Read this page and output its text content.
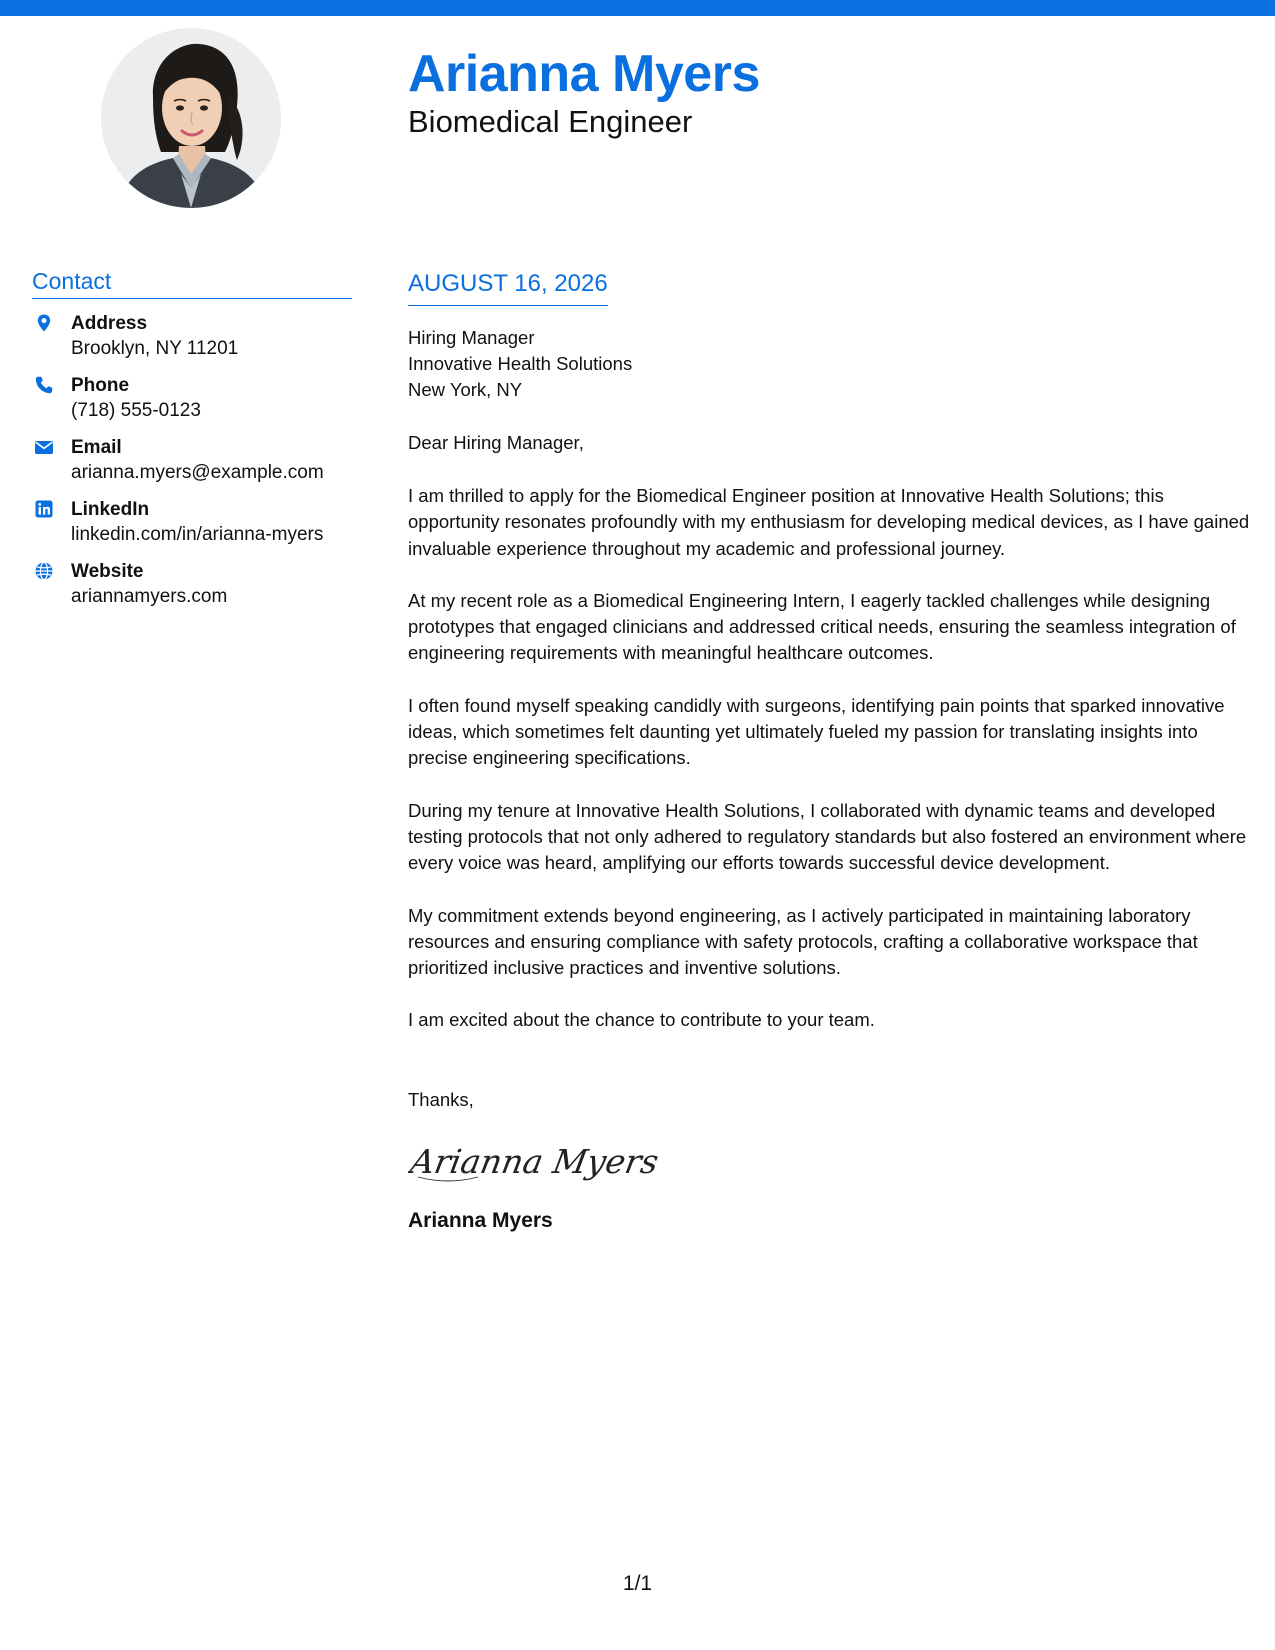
Arianna Myers
Biomedical Engineer
Contact
Address
Brooklyn, NY 11201
Phone
(718) 555-0123
Email
arianna.myers@example.com
LinkedIn
linkedin.com/in/arianna-myers
Website
ariannamyers.com
AUGUST 16, 2026
Hiring Manager
Innovative Health Solutions
New York, NY
Dear Hiring Manager,

I am thrilled to apply for the Biomedical Engineer position at Innovative Health Solutions; this opportunity resonates profoundly with my enthusiasm for developing medical devices, as I have gained invaluable experience throughout my academic and professional journey.

At my recent role as a Biomedical Engineering Intern, I eagerly tackled challenges while designing prototypes that engaged clinicians and addressed critical needs, ensuring the seamless integration of engineering requirements with meaningful healthcare outcomes.

I often found myself speaking candidly with surgeons, identifying pain points that sparked innovative ideas, which sometimes felt daunting yet ultimately fueled my passion for translating insights into precise engineering specifications.

During my tenure at Innovative Health Solutions, I collaborated with dynamic teams and developed testing protocols that not only adhered to regulatory standards but also fostered an environment where every voice was heard, amplifying our efforts towards successful device development.

My commitment extends beyond engineering, as I actively participated in maintaining laboratory resources and ensuring compliance with safety protocols, crafting a collaborative workspace that prioritized inclusive practices and inventive solutions.

I am excited about the chance to contribute to your team.

Thanks,
Arianna Myers
Arianna Myers
1/1
